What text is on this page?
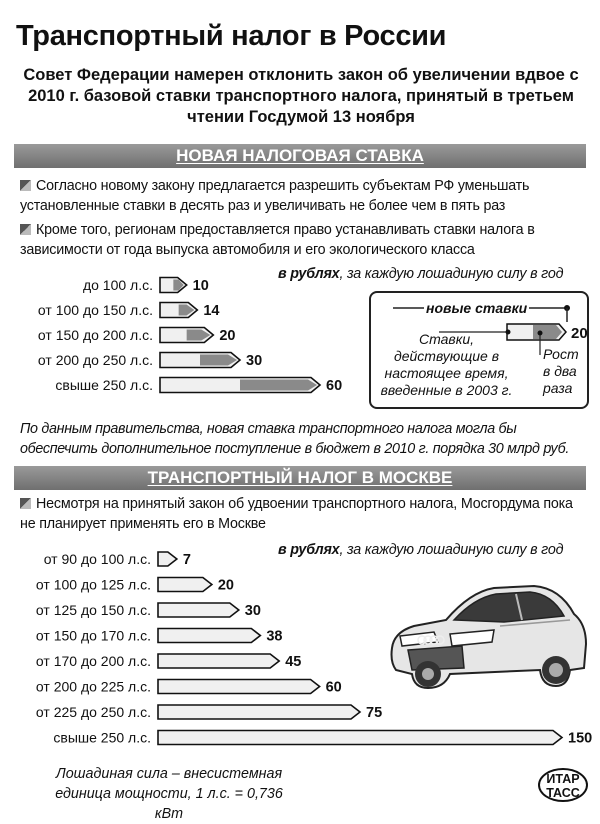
Транспортный налог в России
Совет Федерации намерен отклонить закон об увеличении вдвое с 2010 г. базовой ставки транспортного налога, принятый в третьем чтении Госдумой 13 ноября
НОВАЯ НАЛОГОВАЯ СТАВКА
Согласно новому закону предлагается разрешить субъектам РФ уменьшать установленные ставки в десять раз и увеличивать не более чем в пять раз
Кроме того, регионам предоставляется право устанавливать ставки налога в зависимости от года выпуска автомобиля и его экологического класса
в рублях, за каждую лошадиную силу в год
до 100 л.с.	10
от 100 до 150 л.с.	14
от 150 до 200 л.с.	20
от 200 до 250 л.с.	30
свыше 250 л.с.	60
новые ставки
Ставки, действующие в настоящее время, введенные в 2003 г.
Рост в два раза
20
По данным правительства, новая ставка транспортного налога могла бы обеспечить дополнительное поступление в бюджет в 2010 г. порядка 30 млрд руб.
ТРАНСПОРТНЫЙ НАЛОГ В МОСКВЕ
Несмотря на принятый закон об удвоении транспортного налога, Мосгордума пока не планирует применять его в Москве
в рублях, за каждую лошадиную силу в год
от 90 до 100 л.с. 7
от 100 до 125 л.с.	20
от 125 до 150 л.с.	30
от 150 до 170 л.с.	38
от 170 до 200 л.с.	45
от 200 до 225 л.с.	60
от 225 до 250 л.с.	75
свыше 250 л.с.	150
Лошадиная сила – внесистемная единица мощности, 1 л.с. = 0,736 кВт
ИТАР
ТАСС
